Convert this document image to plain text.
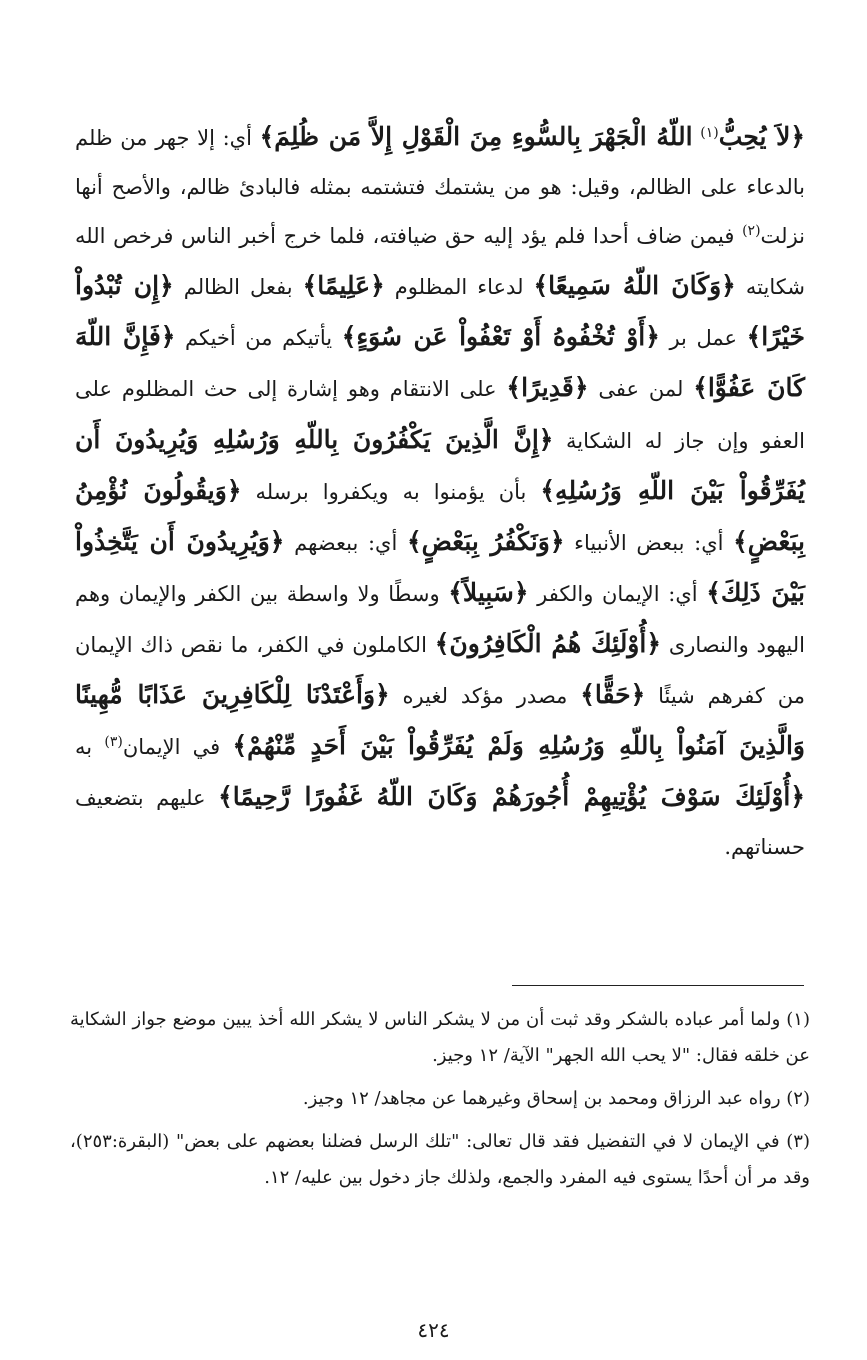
﴿لاَ يُحِبُّ$^{(١)}$ اللّهُ الْجَهْرَ بِالسُّوءِ مِنَ الْقَوْلِ إِلاَّ مَن ظُلِمَ﴾ أي: إلا جهر من ظلم بالدعاء على الظالم، وقيل: هو من يشتمك فتشتمه بمثله فالبادئ ظالم، والأصح أنها نزلت$^{(٢)}$ فيمن ضاف أحدا فلم يؤد إليه حق ضيافته، فلما خرج أخبر الناس فرخص الله شكايته ﴿وَكَانَ اللّهُ سَمِيعًا﴾ لدعاء المظلوم ﴿عَلِيمًا﴾ بفعل الظالم ﴿إِن تُبْدُواْ خَيْرًا﴾ عمل بر ﴿أَوْ تُخْفُوهُ أَوْ تَعْفُواْ عَن سُوَءٍ﴾ يأتيكم من أخيكم ﴿فَإِنَّ اللّهَ كَانَ عَفُوًّا﴾ لمن عفى ﴿قَدِيرًا﴾ على الانتقام وهو إشارة إلى حث المظلوم على العفو وإن جاز له الشكاية ﴿إِنَّ الَّذِينَ يَكْفُرُونَ بِاللّهِ وَرُسُلِهِ وَيُرِيدُونَ أَن يُفَرِّقُواْ بَيْنَ اللّهِ وَرُسُلِهِ﴾ بأن يؤمنوا به ويكفروا برسله ﴿وَيقُولُونَ نُؤْمِنُ بِبَعْضٍ﴾ أي: ببعض الأنبياء ﴿وَنَكْفُرُ بِبَعْضٍ﴾ أي: ببعضهم ﴿وَيُرِيدُونَ أَن يَتَّخِذُواْ بَيْنَ ذَلِكَ﴾ أي: الإيمان والكفر ﴿سَبِيلاً﴾ وسطًا ولا واسطة بين الكفر والإيمان وهم اليهود والنصارى ﴿أُوْلَئِكَ هُمُ الْكَافِرُونَ﴾ الكاملون في الكفر، ما نقص ذاك الإيمان من كفرهم شيئًا ﴿حَقًّا﴾ مصدر مؤكد لغيره ﴿وَأَعْتَدْنَا لِلْكَافِرِينَ عَذَابًا مُّهِينًا وَالَّذِينَ آمَنُواْ بِاللّهِ وَرُسُلِهِ وَلَمْ يُفَرِّقُواْ بَيْنَ أَحَدٍ مِّنْهُمْ﴾ في الإيمان$^{(٣)}$ به ﴿أُوْلَئِكَ سَوْفَ يُؤْتِيهِمْ أُجُورَهُمْ وَكَانَ اللّهُ غَفُورًا رَّحِيمًا﴾ عليهم بتضعيف حسناتهم.

(١) ولما أمر عباده بالشكر وقد ثبت أن من لا يشكر الناس لا يشكر الله أخذ يبين موضع جواز الشكاية عن خلقه فقال: "لا يحب الله الجهر" الآية/ ١٢ وجيز.

(٢) رواه عبد الرزاق ومحمد بن إسحاق وغيرهما عن مجاهد/ ١٢ وجيز.

(٣) في الإيمان لا في التفضيل فقد قال تعالى: "تلك الرسل فضلنا بعضهم على بعض" (البقرة:٢٥٣)، وقد مر أن أحدًا يستوى فيه المفرد والجمع، ولذلك جاز دخول بين عليه/ ١٢.

٤٢٤
